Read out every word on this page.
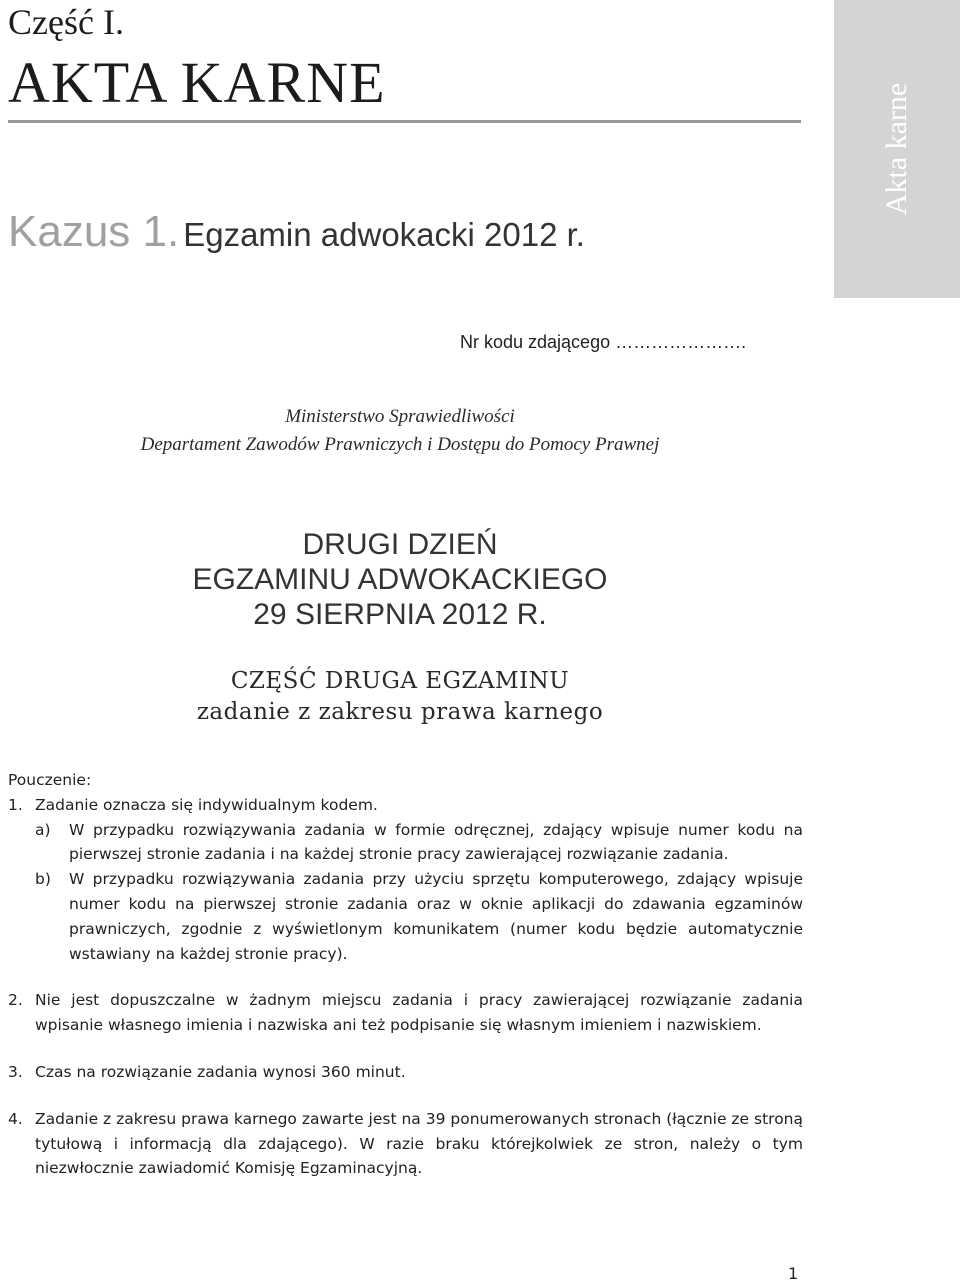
Część I.
AKTA KARNE
Akta karne
Kazus 1. Egzamin adwokacki 2012 r.
Nr kodu zdającego ………………….
Ministerstwo Sprawiedliwości
Departament Zawodów Prawniczych i Dostępu do Pomocy Prawnej
DRUGI DZIEŃ
EGZAMINU ADWOKACKIEGO
29 SIERPNIA 2012 R.
CZĘŚĆ DRUGA EGZAMINU
zadanie z zakresu prawa karnego
Pouczenie:
1. Zadanie oznacza się indywidualnym kodem.
a)	W przypadku rozwiązywania zadania w formie odręcznej, zdający wpisuje numer kodu na pierwszej stronie zadania i na każdej stronie pracy zawierającej rozwiązanie zadania.
b)	W przypadku rozwiązywania zadania przy użyciu sprzętu komputerowego, zdający wpisuje numer kodu na pierwszej stronie zadania oraz w oknie aplikacji do zdawania egzaminów prawniczych, zgodnie z wyświetlonym komunikatem (numer kodu będzie automatycznie wstawiany na każdej stronie pracy).
2. Nie jest dopuszczalne w żadnym miejscu zadania i pracy zawierającej rozwiązanie zadania wpisanie własnego imienia i nazwiska ani też podpisanie się własnym imieniem i nazwiskiem.
3. Czas na rozwiązanie zadania wynosi 360 minut.
4. Zadanie z zakresu prawa karnego zawarte jest na 39 ponumerowanych stronach (łącznie ze stroną tytułową i informacją dla zdającego). W razie braku którejkolwiek ze stron, należy o tym niezwłocznie zawiadomić Komisję Egzaminacyjną.
1
